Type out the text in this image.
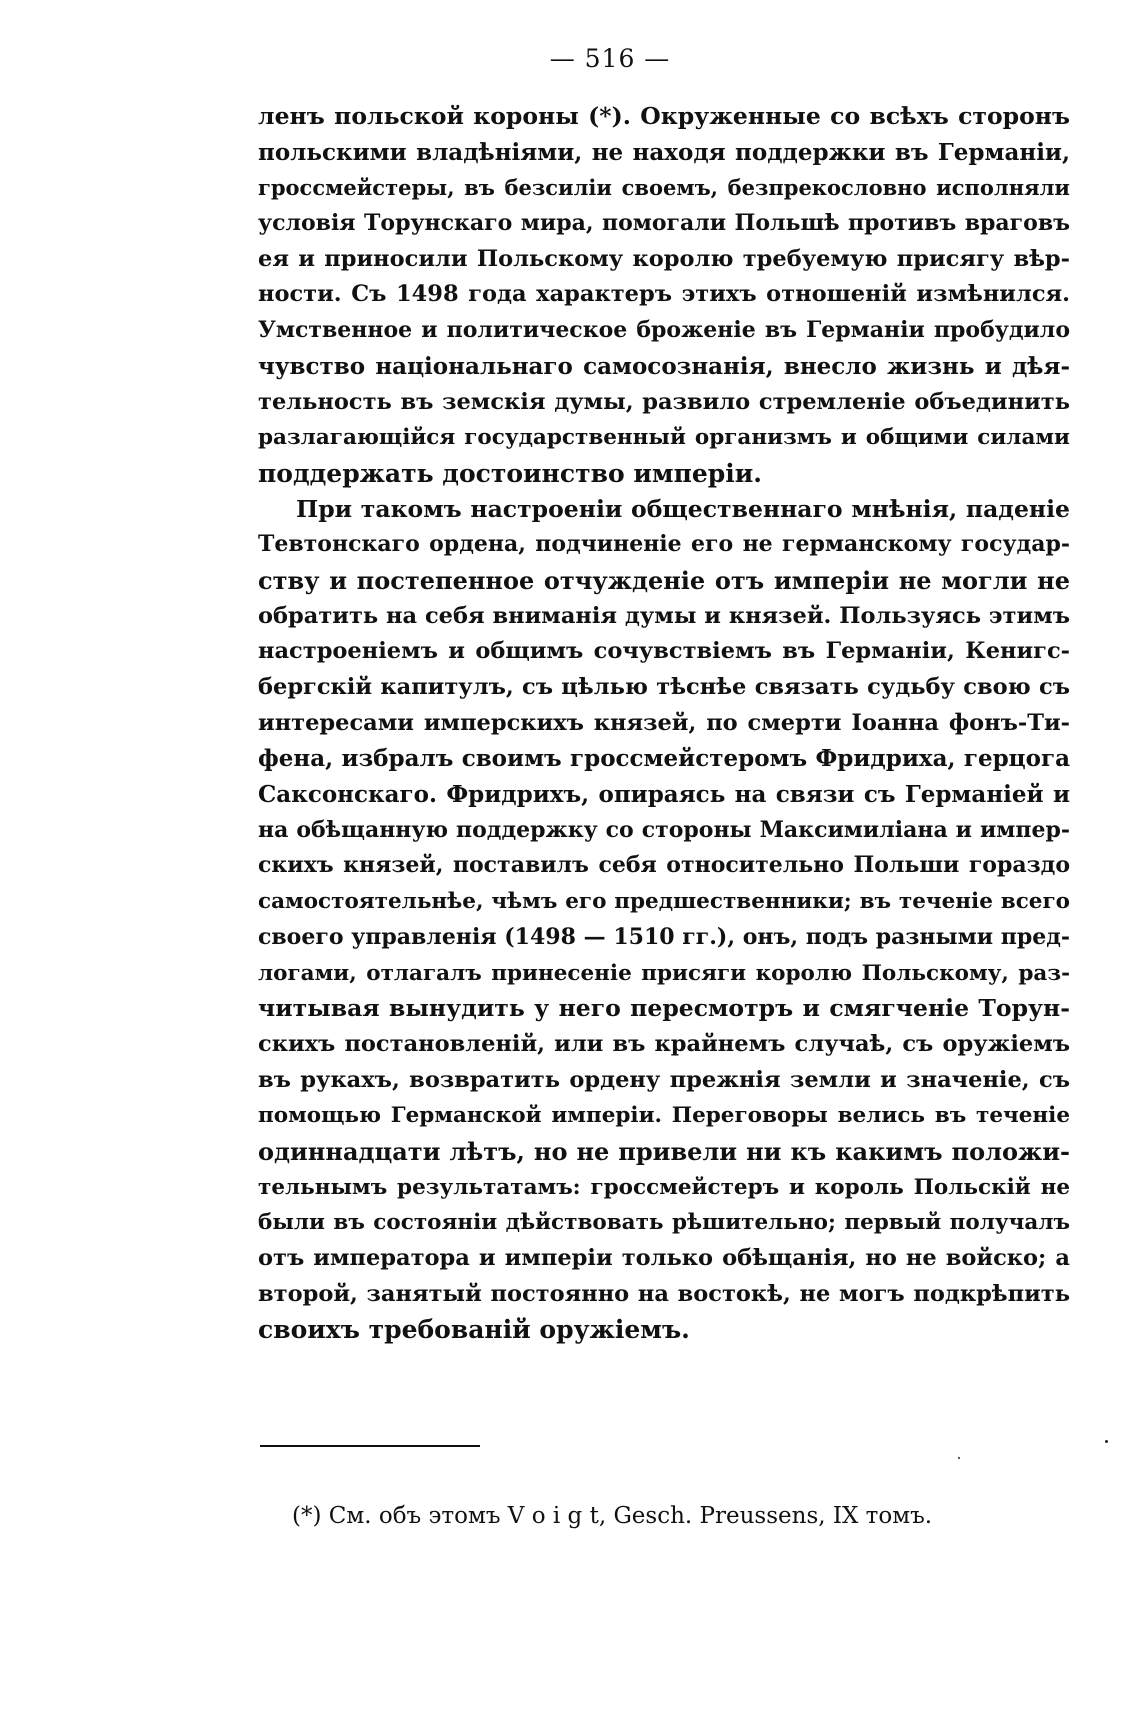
— 516 —
ленъ польской короны (*). Окруженные со всѣхъ сторонъ
польскими владѣніями, не находя поддержки въ Германіи,
гроссмейстеры, въ безсиліи своемъ, безпрекословно исполняли
условія Торунскаго мира, помогали Польшѣ противъ враговъ
ея и приносили Польскому королю требуемую присягу вѣр-
ности. Съ 1498 года характеръ этихъ отношеній измѣнился.
Умственное и политическое броженіе въ Германіи пробудило
чувство національнаго самосознанія, внесло жизнь и дѣя-
тельность въ земскія думы, развило стремленіе объединить
разлагающійся государственный организмъ и общими силами
поддержать достоинство имперіи.
При такомъ настроеніи общественнаго мнѣнія, паденіе
Тевтонскаго ордена, подчиненіе его не германскому государ-
ству и постепенное отчужденіе отъ имперіи не могли не
обратить на себя вниманія думы и князей. Пользуясь этимъ
настроеніемъ и общимъ сочувствіемъ въ Германіи, Кенигс-
бергскій капитулъ, съ цѣлью тѣснѣе связать судьбу свою съ
интересами имперскихъ князей, по смерти Іоанна фонъ-Ти-
фена, избралъ своимъ гроссмейстеромъ Фридриха, герцога
Саксонскаго. Фридрихъ, опираясь на связи съ Германіей и
на обѣщанную поддержку со стороны Максимиліана и импер-
скихъ князей, поставилъ себя относительно Польши гораздо
самостоятельнѣе, чѣмъ его предшественники; въ теченіе всего
своего управленія (1498 — 1510 гг.), онъ, подъ разными пред-
логами, отлагалъ принесеніе присяги королю Польскому, раз-
читывая вынудить у него пересмотръ и смягченіе Торун-
скихъ постановленій, или въ крайнемъ случаѣ, съ оружіемъ
въ рукахъ, возвратить ордену прежнія земли и значеніе, съ
помощью Германской имперіи. Переговоры велись въ теченіе
одиннадцати лѣтъ, но не привели ни къ какимъ положи-
тельнымъ результатамъ: гроссмейстеръ и король Польскій не
были въ состояніи дѣйствовать рѣшительно; первый получалъ
отъ императора и имперіи только обѣщанія, но не войско; а
второй, занятый постоянно на востокѣ, не могъ подкрѣпить
своихъ требованій оружіемъ.
(*) См. объ этомъ V o i g t, Gesch. Preussens, IX томъ.
